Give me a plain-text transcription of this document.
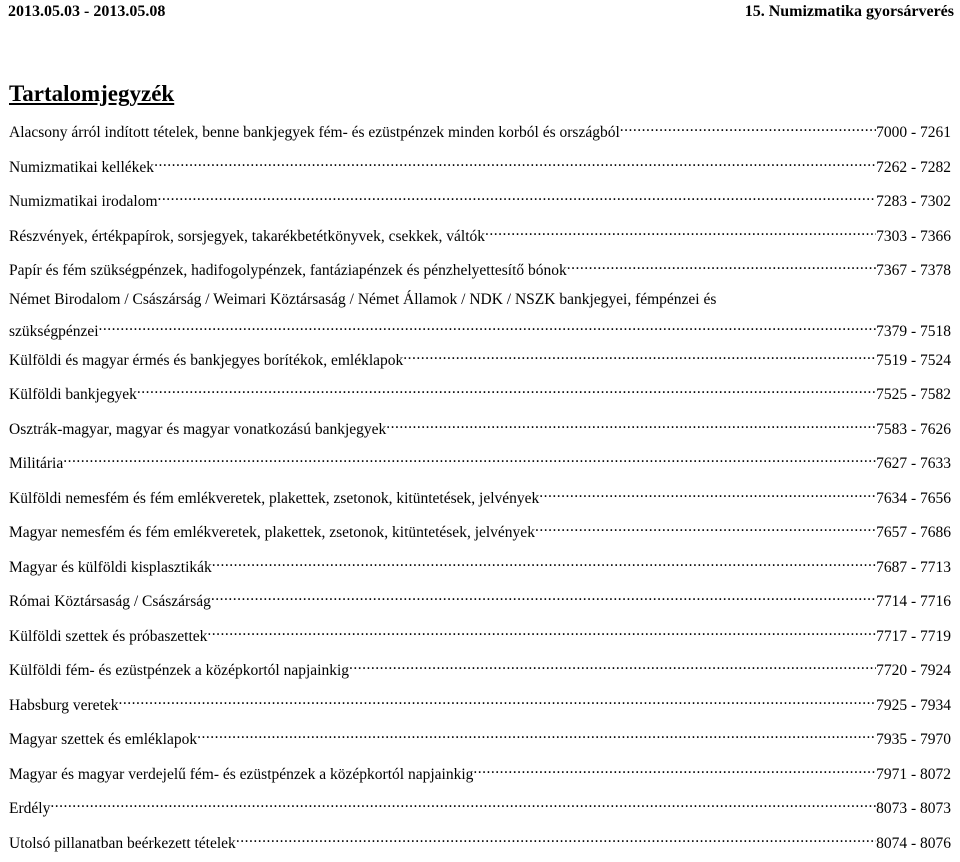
2013.05.03 - 2013.05.08	15. Numizmatika gyorsárverés
Tartalomjegyzék
Alacsony árról indított tételek, benne bankjegyek fém- és ezüstpénzek minden korból és országból .....	7000 - 7261
Numizmatikai kellékek .....	7262 - 7282
Numizmatikai irodalom .....	7283 - 7302
Részvények, értékpapírok, sorsjegyek, takarékbetétkönyvek, csekkek, váltók .....	7303 - 7366
Papír és fém szükségpénzek, hadifogolypénzek, fantáziapénzek és pénzhelyettesítő bónok .....	7367 - 7378
Német Birodalom / Császárság / Weimari Köztársaság / Német Államok / NDK / NSZK bankjegyei, fémpénzei és
szükségpénzei .....	7379 - 7518
Külföldi és magyar érmés és bankjegyes borítékok, emléklapok .....	7519 - 7524
Külföldi bankjegyek .....	7525 - 7582
Osztrák-magyar, magyar és magyar vonatkozású bankjegyek .....	7583 - 7626
Militária .....	7627 - 7633
Külföldi nemesfém és fém emlékveretek, plakettek, zsetonok, kitüntetések, jelvények .....	7634 - 7656
Magyar nemesfém és fém emlékveretek, plakettek, zsetonok, kitüntetések, jelvények .....	7657 - 7686
Magyar és külföldi kisplasztikák .....	7687 - 7713
Római Köztársaság / Császárság .....	7714 - 7716
Külföldi szettek és próbaszettek .....	7717 - 7719
Külföldi fém- és ezüstpénzek a középkortól napjainkig .....	7720 - 7924
Habsburg veretek .....	7925 - 7934
Magyar szettek és emléklapok .....	7935 - 7970
Magyar és magyar verdejelű fém- és ezüstpénzek a középkortól napjainkig .....	7971 - 8072
Erdély .....	8073 - 8073
Utolsó pillanatban beérkezett tételek .....	8074 - 8076
